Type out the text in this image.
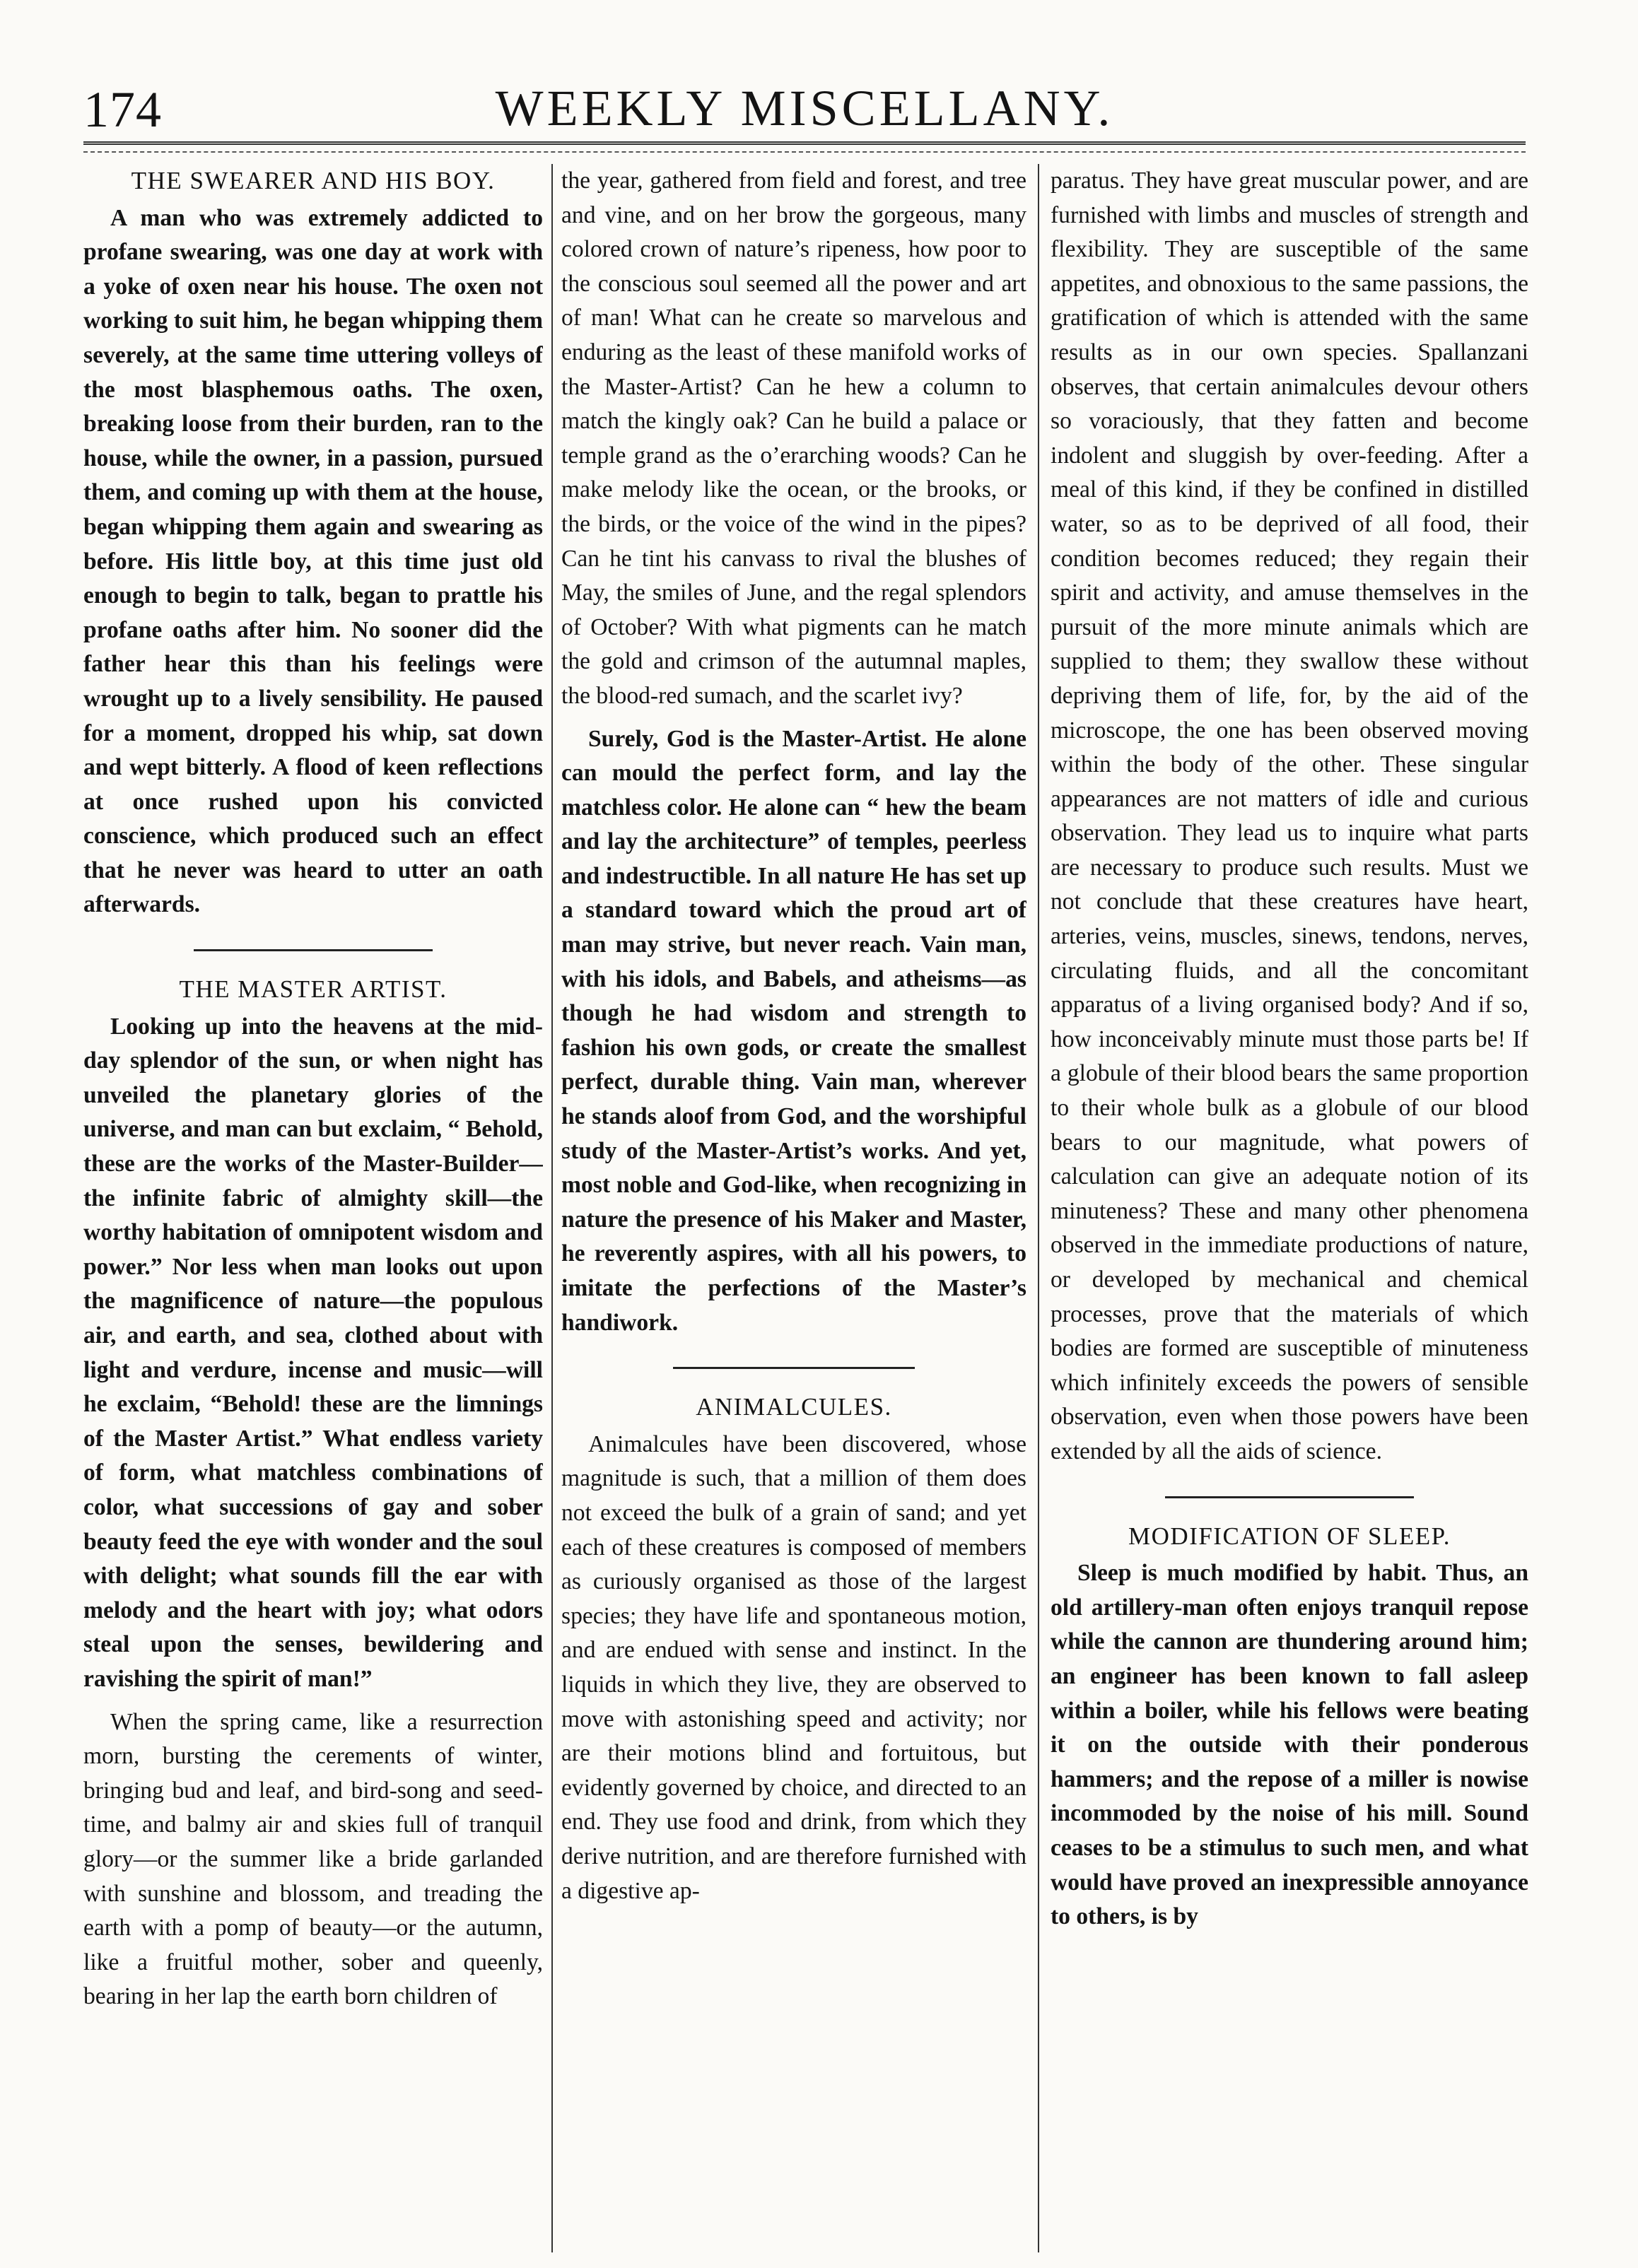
174	WEEKLY MISCELLANY.
THE SWEARER AND HIS BOY.

A man who was extremely addicted to profane swearing, was one day at work with a yoke of oxen near his house. The oxen not working to suit him, he began whipping them severely, at the same time uttering volleys of the most blasphemous oaths. The oxen, breaking loose from their burden, ran to the house, while the owner, in a passion, pursued them, and coming up with them at the house, began whipping them again and swearing as before. His little boy, at this time just old enough to begin to talk, began to prattle his profane oaths after him. No sooner did the father hear this than his feelings were wrought up to a lively sensibility. He paused for a moment, dropped his whip, sat down and wept bitterly. A flood of keen reflections at once rushed upon his convicted conscience, which produced such an effect that he never was heard to utter an oath afterwards.

THE MASTER ARTIST.

Looking up into the heavens at the mid-day splendor of the sun, or when night has unveiled the planetary glories of the universe, and man can but exclaim, “ Behold, these are the works of the Master-Builder—the infinite fabric of almighty skill—the worthy habitation of omnipotent wisdom and power.” Nor less when man looks out upon the magnificence of nature—the populous air, and earth, and sea, clothed about with light and verdure, incense and music—will he exclaim, “Behold! these are the limnings of the Master Artist.” What endless variety of form, what matchless combinations of color, what successions of gay and sober beauty feed the eye with wonder and the soul with delight; what sounds fill the ear with melody and the heart with joy; what odors steal upon the senses, bewildering and ravishing the spirit of man!”

When the spring came, like a resurrection morn, bursting the cerements of winter, bringing bud and leaf, and bird-song and seed-time, and balmy air and skies full of tranquil glory—or the summer like a bride garlanded with sunshine and blossom, and treading the earth with a pomp of beauty—or the autumn, like a fruitful mother, sober and queenly, bearing in her lap the earth born children of

the year, gathered from field and forest, and tree and vine, and on her brow the gorgeous, many colored crown of nature’s ripeness, how poor to the conscious soul seemed all the power and art of man! What can he create so marvelous and enduring as the least of these manifold works of the Master-Artist? Can he hew a column to match the kingly oak? Can he build a palace or temple grand as the o’erarching woods? Can he make melody like the ocean, or the brooks, or the birds, or the voice of the wind in the pipes? Can he tint his canvass to rival the blushes of May, the smiles of June, and the regal splendors of October? With what pigments can he match the gold and crimson of the autumnal maples, the blood-red sumach, and the scarlet ivy?

Surely, God is the Master-Artist. He alone can mould the perfect form, and lay the matchless color. He alone can “ hew the beam and lay the architecture” of temples, peerless and indestructible. In all nature He has set up a standard toward which the proud art of man may strive, but never reach. Vain man, with his idols, and Babels, and atheisms—as though he had wisdom and strength to fashion his own gods, or create the smallest perfect, durable thing. Vain man, wherever he stands aloof from God, and the worshipful study of the Master-Artist’s works. And yet, most noble and God-like, when recognizing in nature the presence of his Maker and Master, he reverently aspires, with all his powers, to imitate the perfections of the Master’s handiwork.

ANIMALCULES.

Animalcules have been discovered, whose magnitude is such, that a million of them does not exceed the bulk of a grain of sand; and yet each of these creatures is composed of members as curiously organised as those of the largest species; they have life and spontaneous motion, and are endued with sense and instinct. In the liquids in which they live, they are observed to move with astonishing speed and activity; nor are their motions blind and fortuitous, but evidently governed by choice, and directed to an end. They use food and drink, from which they derive nutrition, and are therefore furnished with a digestive ap-

paratus. They have great muscular power, and are furnished with limbs and muscles of strength and flexibility. They are susceptible of the same appetites, and obnoxious to the same passions, the gratification of which is attended with the same results as in our own species. Spallanzani observes, that certain animalcules devour others so voraciously, that they fatten and become indolent and sluggish by over-feeding. After a meal of this kind, if they be confined in distilled water, so as to be deprived of all food, their condition becomes reduced; they regain their spirit and activity, and amuse themselves in the pursuit of the more minute animals which are supplied to them; they swallow these without depriving them of life, for, by the aid of the microscope, the one has been observed moving within the body of the other. These singular appearances are not matters of idle and curious observation. They lead us to inquire what parts are necessary to produce such results. Must we not conclude that these creatures have heart, arteries, veins, muscles, sinews, tendons, nerves, circulating fluids, and all the concomitant apparatus of a living organised body? And if so, how inconceivably minute must those parts be! If a globule of their blood bears the same proportion to their whole bulk as a globule of our blood bears to our magnitude, what powers of calculation can give an adequate notion of its minuteness? These and many other phenomena observed in the immediate productions of nature, or developed by mechanical and chemical processes, prove that the materials of which bodies are formed are susceptible of minuteness which infinitely exceeds the powers of sensible observation, even when those powers have been extended by all the aids of science.

MODIFICATION OF SLEEP.

Sleep is much modified by habit. Thus, an old artillery-man often enjoys tranquil repose while the cannon are thundering around him; an engineer has been known to fall asleep within a boiler, while his fellows were beating it on the outside with their ponderous hammers; and the repose of a miller is nowise incommoded by the noise of his mill. Sound ceases to be a stimulus to such men, and what would have proved an inexpressible annoyance to others, is by
